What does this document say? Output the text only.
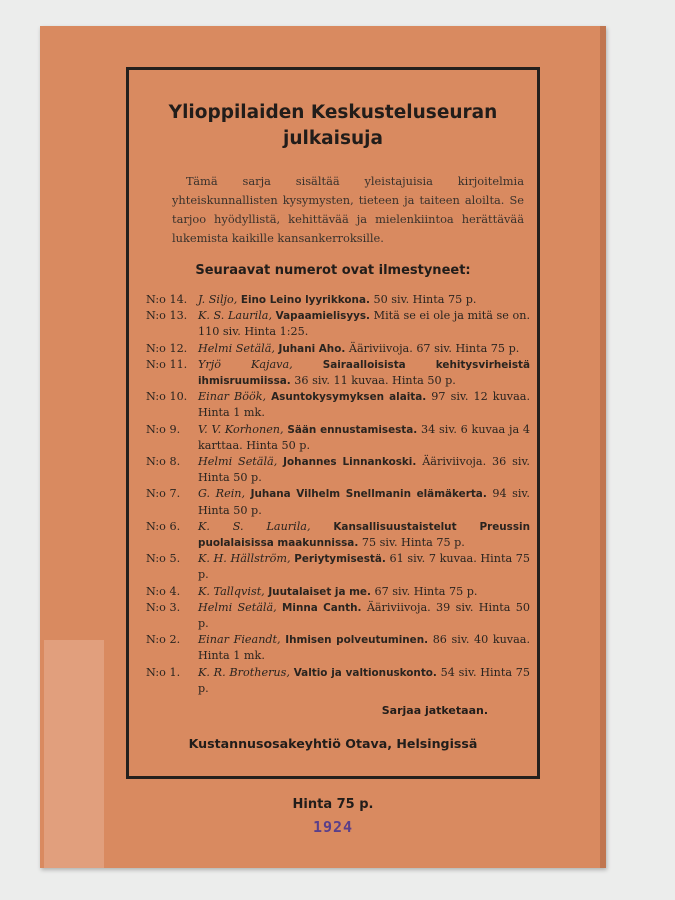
Ylioppilaiden Keskusteluseuran julkaisuja
Tämä sarja sisältää yleistajuisia kirjoitelmia yhteiskunnallisten kysymysten, tieteen ja taiteen aloilta. Se tarjoo hyödyllistä, kehittävää ja mielenkiintoa herättävää lukemista kaikille kansankerroksille.
Seuraavat numerot ovat ilmestyneet:
N:o 14. J. Siljo, Eino Leino lyyrikkona. 50 siv. Hinta 75 p.
N:o 13. K. S. Laurila, Vapaamielisyys. Mitä se ei ole ja mitä se on. 110 siv. Hinta 1:25.
N:o 12. Helmi Setälä, Juhani Aho. Ääriviivoja. 67 siv. Hinta 75 p.
N:o 11. Yrjö Kajava,	Sairaalloisista kehitysvirheistä ihmisruumiissa. 36 siv. 11 kuvaa. Hinta 50 p.
N:o 10. Einar Böök, Asuntokysymyksen alaita. 97 siv. 12 kuvaa. Hinta 1 mk.
N:o 9.	V. V. Korhonen, Sään ennustamisesta. 34 siv. 6 kuvaa ja 4 karttaa. Hinta 50 p.
N:o 8.	Helmi Setälä, Johannes Linnankoski. Ääriviivoja. 36 siv. Hinta 50 p.
N:o 7.	G. Rein, Juhana Vilhelm Snellmanin elämäkerta. 94 siv. Hinta 50 p.
N:o 6.	K. S. Laurila, Kansallisuustaistelut Preussin puolalaisissa maakunnissa. 75 siv. Hinta 75 p.
N:o 5.	K. H. Hällström, Periytymisestä. 61 siv. 7 kuvaa. Hinta 75 p.
N:o 4.	K. Tallqvist, Juutalaiset ja me. 67 siv. Hinta 75 p.
N:o 3.	Helmi Setälä, Minna Canth. Ääriviivoja. 39 siv. Hinta 50 p.
N:o 2.	Einar Fieandt, Ihmisen polveutuminen. 86 siv. 40 kuvaa. Hinta 1 mk.
N:o 1.	K. R. Brotherus, Valtio ja valtionuskonto. 54 siv. Hinta 75 p.
Sarjaa jatketaan.
Kustannusosakeyhtiö Otava, Helsingissä
Hinta 75 p.
1924
